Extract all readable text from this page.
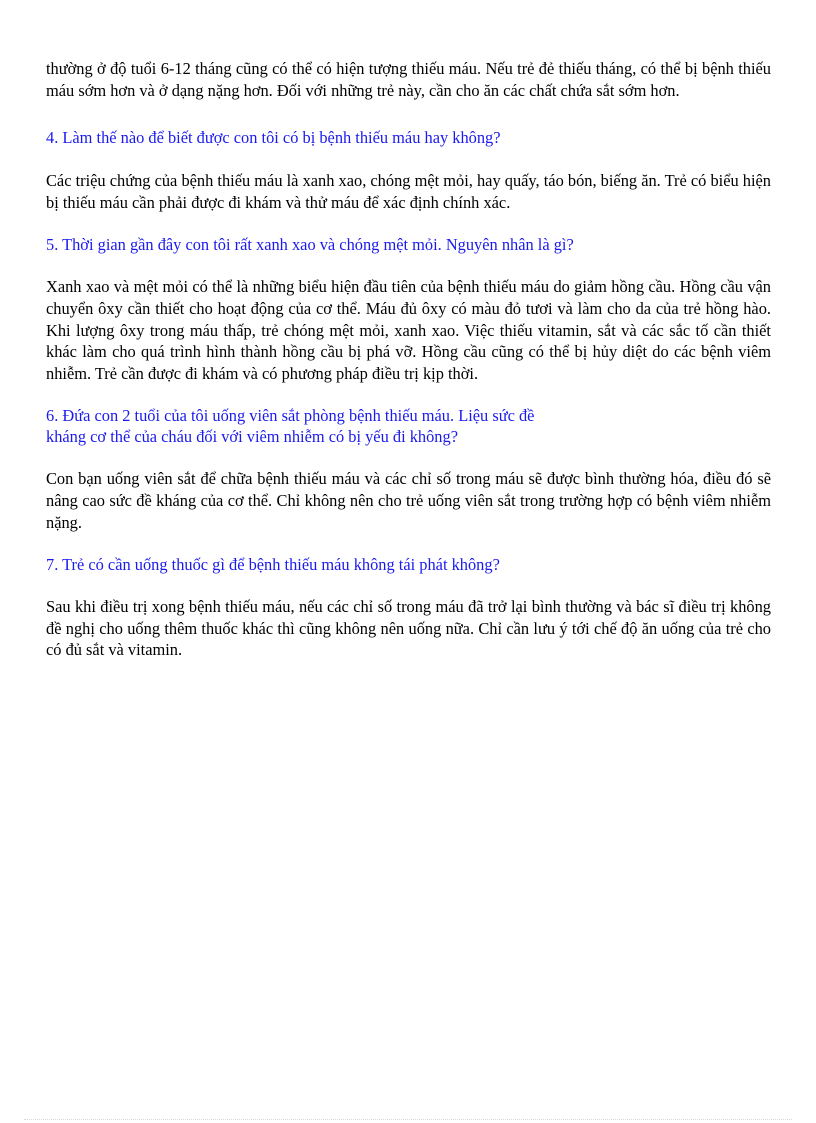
thường ở độ tuổi 6-12 tháng cũng có thể có hiện tượng thiếu máu. Nếu trẻ đẻ thiếu tháng, có thể bị bệnh thiếu máu sớm hơn và ở dạng nặng hơn. Đối với những trẻ này, cần cho ăn các chất chứa sắt sớm hơn.

4. Làm thế nào để biết được con tôi có bị bệnh thiếu máu hay không?

Các triệu chứng của bệnh thiếu máu là xanh xao, chóng mệt mỏi, hay quấy, táo bón, biếng ăn. Trẻ có biểu hiện bị thiếu máu cần phải được đi khám và thử máu để xác định chính xác.

5. Thời gian gần đây con tôi rất xanh xao và chóng mệt mỏi. Nguyên nhân là gì?

Xanh xao và mệt mỏi có thể là những biểu hiện đầu tiên của bệnh thiếu máu do giảm hồng cầu. Hồng cầu vận chuyển ôxy cần thiết cho hoạt động của cơ thể. Máu đủ ôxy có màu đỏ tươi và làm cho da của trẻ hồng hào. Khi lượng ôxy trong máu thấp, trẻ chóng mệt mỏi, xanh xao. Việc thiếu vitamin, sắt và các sắc tố cần thiết khác làm cho quá trình hình thành hồng cầu bị phá vỡ. Hồng cầu cũng có thể bị hủy diệt do các bệnh viêm nhiễm. Trẻ cần được đi khám và có phương pháp điều trị kịp thời.

6. Đứa con 2 tuổi của tôi uống viên sắt phòng bệnh thiếu máu. Liệu sức đề
kháng cơ thể của cháu đối với viêm nhiễm có bị yếu đi không?

Con bạn uống viên sắt để chữa bệnh thiếu máu và các chỉ số trong máu sẽ được bình thường hóa, điều đó sẽ nâng cao sức đề kháng của cơ thể. Chỉ không nên cho trẻ uống viên sắt trong trường hợp có bệnh viêm nhiễm nặng.

7. Trẻ có cần uống thuốc gì để bệnh thiếu máu không tái phát không?

Sau khi điều trị xong bệnh thiếu máu, nếu các chỉ số trong máu đã trở lại bình thường và bác sĩ điều trị không đề nghị cho uống thêm thuốc khác thì cũng không nên uống nữa. Chỉ cần lưu ý tới chế độ ăn uống của trẻ cho có đủ sắt và vitamin.
